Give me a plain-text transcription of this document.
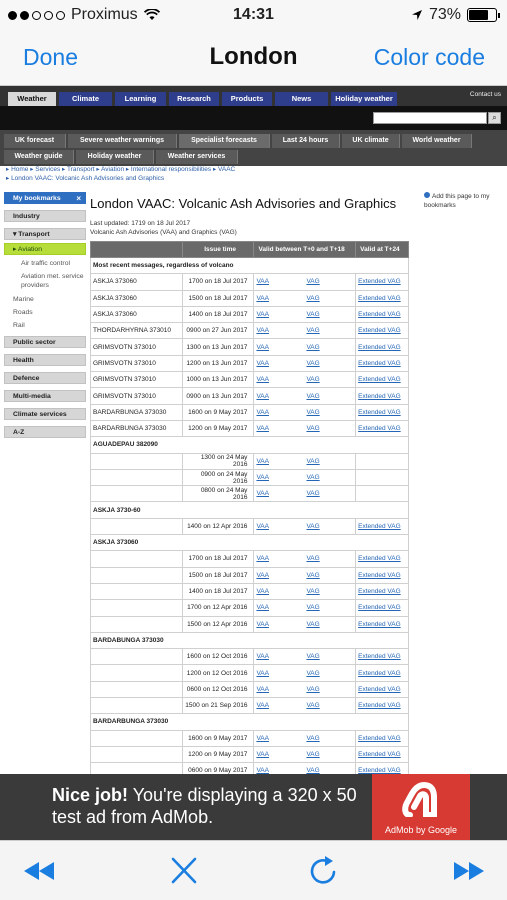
Proximus	14:31	73%
Done	London	Color code
Weather	Climate	Learning	Research	Products	News	Holiday weather	Contact us
⌕
UK forecast	Severe weather warnings	Specialist forecasts	Last 24 hours	UK climate	World weather
Weather guide	Holiday weather	Weather services
▸ Home ▸ Services ▸ Transport ▸ Aviation ▸ International responsibilities ▸ VAAC
▸ London VAAC: Volcanic Ash Advisories and Graphics
My bookmarks ×
Industry
▾ Transport
▸ Aviation
Air traffic control
Aviation met. service providers
Marine
Roads
Rail
Public sector
Health
Defence
Multi-media
Climate services
A-Z
Add this page to my bookmarks
London VAAC: Volcanic Ash Advisories and Graphics
Last updated: 1719 on 18 Jul 2017
Volcanic Ash Advisories (VAA) and Graphics (VAG)
	Issue time	Valid between T+0 and T+18	Valid at T+24
Most recent messages, regardless of volcano			
ASKJA 373060	1700 on 18 Jul 2017	VAA VAG	Extended VAG
ASKJA 373060	1500 on 18 Jul 2017	VAA VAG	Extended VAG
ASKJA 373060	1400 on 18 Jul 2017	VAA VAG	Extended VAG
THORDARHYRNA 373010	0900 on 27 Jun 2017	VAA VAG	Extended VAG
GRIMSVOTN 373010	1300 on 13 Jun 2017	VAA VAG	Extended VAG
GRIMSVOTN 373010	1200 on 13 Jun 2017	VAA VAG	Extended VAG
GRIMSVOTN 373010	1000 on 13 Jun 2017	VAA VAG	Extended VAG
GRIMSVOTN 373010	0900 on 13 Jun 2017	VAA VAG	Extended VAG
BARDARBUNGA 373030	1600 on 9 May 2017	VAA VAG	Extended VAG
BARDARBUNGA 373030	1200 on 9 May 2017	VAA VAG	Extended VAG
AGUADEPAU 382090			
	1300 on 24 May 2016	VAA VAG	
	0900 on 24 May 2016	VAA VAG	
	0800 on 24 May 2016	VAA VAG	
ASKJA 3730-60			
	1400 on 12 Apr 2016	VAA VAG	Extended VAG
ASKJA 373060			
	1700 on 18 Jul 2017	VAA VAG	Extended VAG
	1500 on 18 Jul 2017	VAA VAG	Extended VAG
	1400 on 18 Jul 2017	VAA VAG	Extended VAG
	1700 on 12 Apr 2016	VAA VAG	Extended VAG
	1500 on 12 Apr 2016	VAA VAG	Extended VAG
BARDABUNGA 373030			
	1600 on 12 Oct 2016	VAA VAG	Extended VAG
	1200 on 12 Oct 2016	VAA VAG	Extended VAG
	0600 on 12 Oct 2016	VAA VAG	Extended VAG
	1500 on 21 Sep 2016	VAA VAG	Extended VAG
BARDARBUNGA 373030			
	1600 on 9 May 2017	VAA VAG	Extended VAG
	1200 on 9 May 2017	VAA VAG	Extended VAG
	0600 on 9 May 2017	VAA VAG	Extended VAG
Nice job! You're displaying a 320 x 50 test ad from AdMob.
AdMob by Google
